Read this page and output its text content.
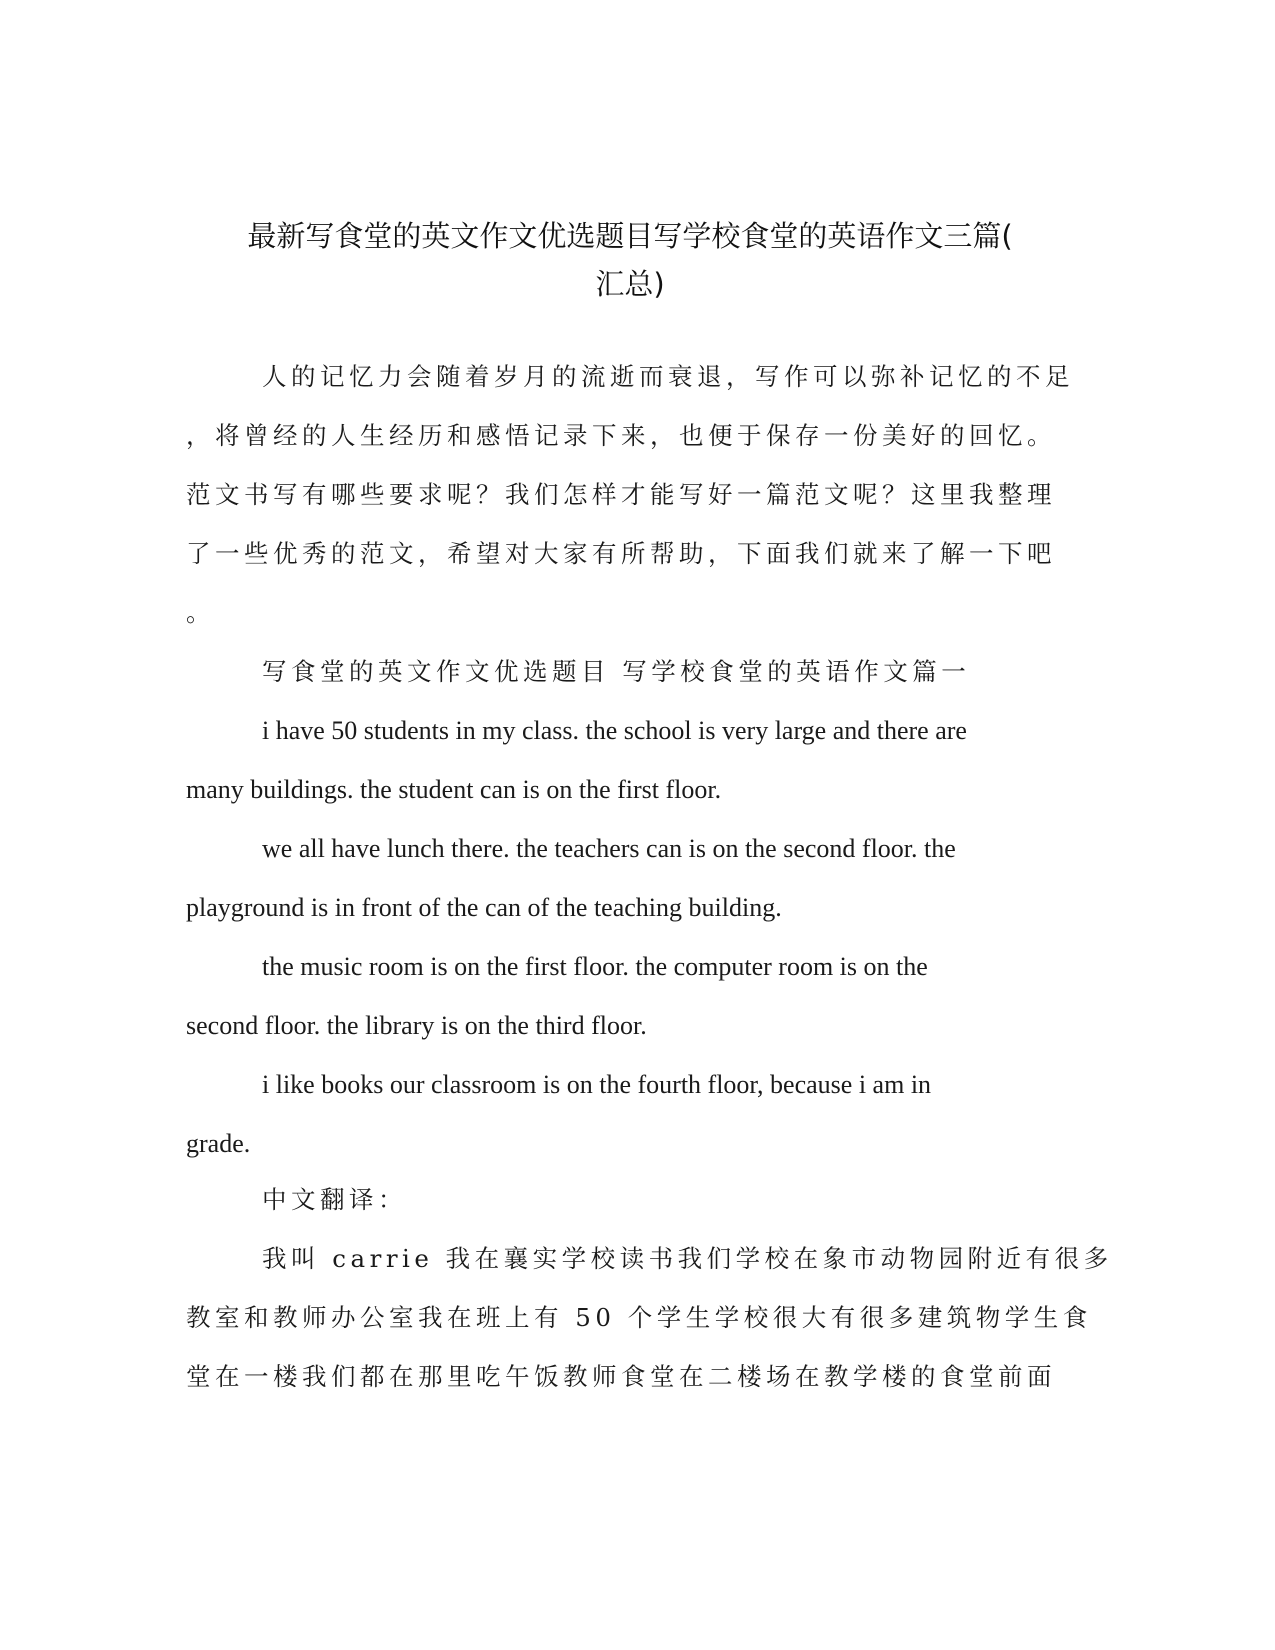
最新写食堂的英文作文优选题目写学校食堂的英语作文三篇(
汇总)
人的记忆力会随着岁月的流逝而衰退，写作可以弥补记忆的不足
，将曾经的人生经历和感悟记录下来，也便于保存一份美好的回忆。
范文书写有哪些要求呢？我们怎样才能写好一篇范文呢？这里我整理
了一些优秀的范文，希望对大家有所帮助，下面我们就来了解一下吧
。
写食堂的英文作文优选题目 写学校食堂的英语作文篇一
i have 50 students in my class. the school is very large and there are
many buildings. the student can is on the first floor.
we all have lunch there. the teachers can is on the second floor. the
playground is in front of the can of the teaching building.
the music room is on the first floor. the computer room is on the
second floor. the library is on the third floor.
i like books our classroom is on the fourth floor, because i am in
grade.
中文翻译：
我叫 carrie 我在襄实学校读书我们学校在象市动物园附近有很多
教室和教师办公室我在班上有 50 个学生学校很大有很多建筑物学生食
堂在一楼我们都在那里吃午饭教师食堂在二楼场在教学楼的食堂前面
